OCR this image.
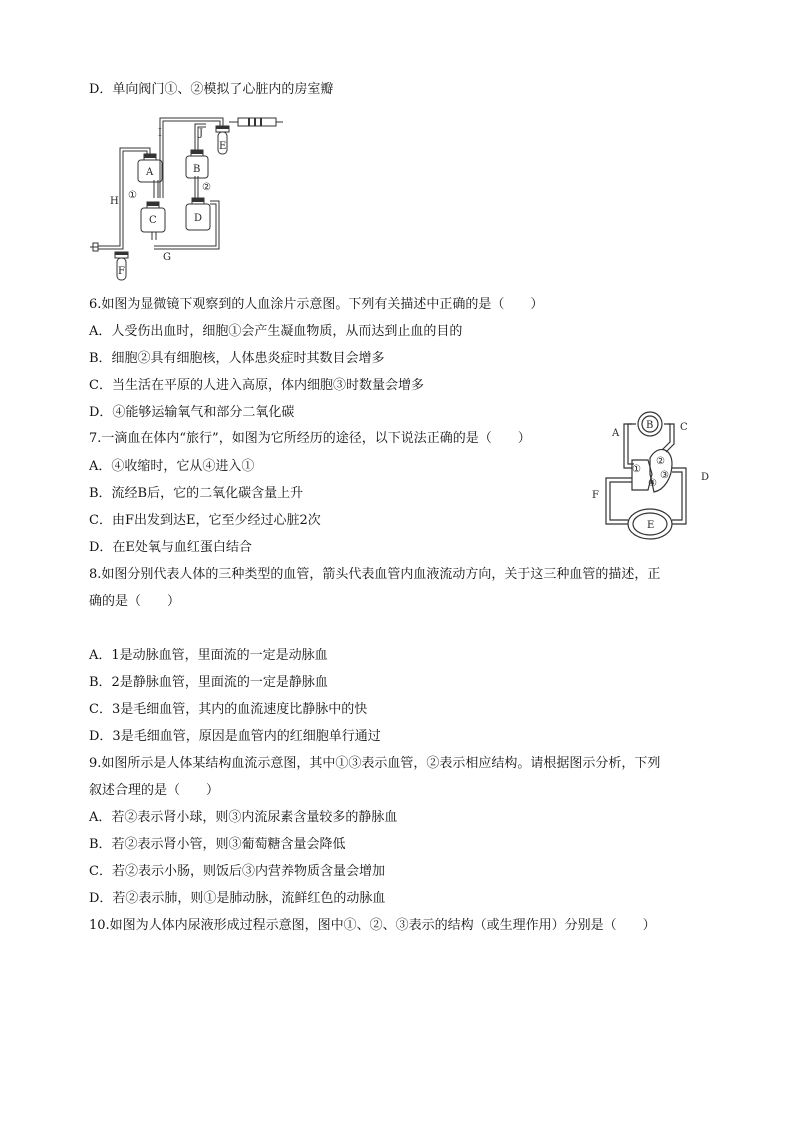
D．单向阀门①、②模拟了心脏内的房室瓣
6.如图为显微镜下观察到的人血涂片示意图。下列有关描述中正确的是（　　）
A．人受伤出血时，细胞①会产生凝血物质，从而达到止血的目的
B．细胞②具有细胞核，人体患炎症时其数目会增多
C．当生活在平原的人进入高原，体内细胞③时数量会增多
D．④能够运输氧气和部分二氧化碳
7.一滴血在体内“旅行”，如图为它所经历的途径，以下说法正确的是（　　）
A．④收缩时，它从④进入①
B．流经B后，它的二氧化碳含量上升
C．由F出发到达E，它至少经过心脏2次
D．在E处氧与血红蛋白结合
8.如图分别代表人体的三种类型的血管，箭头代表血管内血液流动方向，关于这三种血管的描述，正
确的是（　　）
A．1是动脉血管，里面流的一定是动脉血
B．2是静脉血管，里面流的一定是静脉血
C．3是毛细血管，其内的血流速度比静脉中的快
D．3是毛细血管，原因是血管内的红细胞单行通过
9.如图所示是人体某结构血流示意图，其中①③表示血管，②表示相应结构。请根据图示分析，下列
叙述合理的是（　　）
A．若②表示肾小球，则③内流尿素含量较多的静脉血
B．若②表示肾小管，则③葡萄糖含量会降低
C．若②表示小肠，则饭后③内营养物质含量会增加
D．若②表示肺，则①是肺动脉，流鲜红色的动脉血
10.如图为人体内尿液形成过程示意图，图中①、②、③表示的结构（或生理作用）分别是（　　）
I	J
H
G
A
C
B
D
E
F
①
②
A
B	C
D
E
F
①
②
③
④
